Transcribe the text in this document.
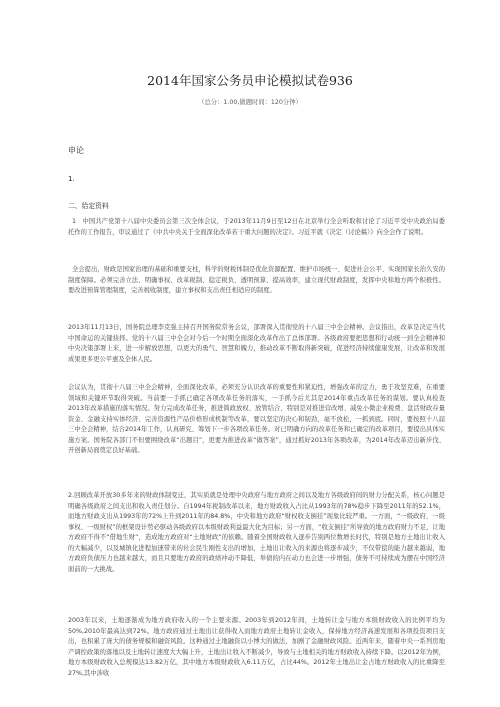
2014年国家公务员申论模拟试卷936
（总分：1.00,做题时间：120分钟）
申论
1.
二、给定资料

1　中国共产党第十八届中央委员会第三次全体会议，于2013年11月9日至12日在北京举行全会听取和讨论了习近平受中央政治局委托作的工作报告，审议通过了《中共中央关于全面深化改革若干重大问题的决定》。习近平就《决定（讨论稿）》向全会作了说明。

全会提出，财政是国家治理的基础和重要支柱，科学的财税体制是优化资源配置、维护市场统一、促进社会公平、实现国家长治久安的制度保障。必须完善立法、明确事权、改革税制、稳定税负、透明预算、提高效率，建立现代财政制度，发挥中央和地方两个积极性。要改进预算管理制度，完善税收制度，建立事权和支出责任相适应的制度。

2013年11月13日，国务院总理李克强主持召开国务院常务会议，部署深入贯彻党的十八届三中全会精神。会议指出，改革是决定当代中国命运的关键抉择。党的十八届三中全会对今后一个时期全面深化改革作出了总体部署。各级政府要把思想和行动统一到全会精神和中央决策部署上来，进一步解放思想，以更大的勇气、智慧和魄力，推动改革不断取得新突破，促进经济持续健康发展，让改革和发展成果更多更公平惠及全体人民。

会议认为，贯彻十八届三中全会精神，全面深化改革，必须充分认识改革的重要性和紧迫性，增强改革的定力，勇于攻坚克难，在重要领域和关键环节取得突破。当前要一手抓已确定各项改革任务的落实，一手抓今后尤其是2014年重点改革任务的谋划。要认真检查2013年改革措施的落实情况。努力完成改革任务，推进简政放权、放管结合，特别是对推进营改增、减免小微企业税费、盘活财政存量资金、金融支持实体经济、完善资源性产品价格形成机制等改革，要以坚定的决心和韧劲，毫不放松、一抓到底。同时，要按照十八届三中全会精神，结合2014年工作，认真研究、筹划下一步各项改革任务。对已明确方向的改革任务和已确定的改革项目，要提出具体实施方案。国务院各部门不但要围绕改革“出题目”，更要为推进改革“做答案”，通过抓好2013年各项改革，为2014年改革迈出新步伐、开创新局面奠定良好基础。

2.回顾改革开放30多年来的财政体制变迁，其实质就是处理中央政府与地方政府之间以及地方各级政府间的财力分配关系，核心问题是明确各级政府之间支出和收入责任划分。自1994年税制改革以来，地方财政收入占比从1993年的78%稳步下降至2011年的52.1%，而地方财政支出从1993年的72%上升到2011年的84.8%，中央和地方政府“财权收支倒挂”现象比较严重。一方面，“一级政府、一级事权、一级财权”的框架设计势必驱动各级政府以本级财政利益最大化为目标；另一方面，“收支倒挂”所导致的地方政府财力不足，让地方政府不得不“借地生财”，造成地方政府对“土地财政”的依赖。随着全国财政收入逐步告别两位数增长时代，特别是地方土地出让收入的大幅减少，以及城镇化进程加速带来的社会民生刚性支出的增加，土地出让收入的来源也将逐步减少，不仅带偿的能力越来越弱，地方政府负债压力也越来越大，而且只要地方政府的政绩冲动不降低，举债的内在动力也会进一步增强，债务不可持续成为摆在中国经济面前的一大挑战。

2003年以来，土地逐渐成为地方政府收入的一个主要来源。2003年到2012年间，土地转让金与地方本级财政收入的比例平均为50%,2010年最高达到72%。地方政府通过土地出让获得收入而地方政府土地转让金收入，保持地方经济高速发展和各项投资项目支出，也积累了庞大的债务规模和融资风险。这种通过土地融资以小博大的做法，加剧了金融财政风险。近两年来，随着中央一系列房地产调控政策的落地以及土地转让速度大大幅上升，土地出让收入不断减少，导致与土地相关的地方财政收入持续下降。以2012年为例，地方本级财政收入总规模达13.82万亿，其中地方本级财政收入6.11万亿，占比44%。2012年土地出让金占地方财政收入的比重降至27%,其中涉收
